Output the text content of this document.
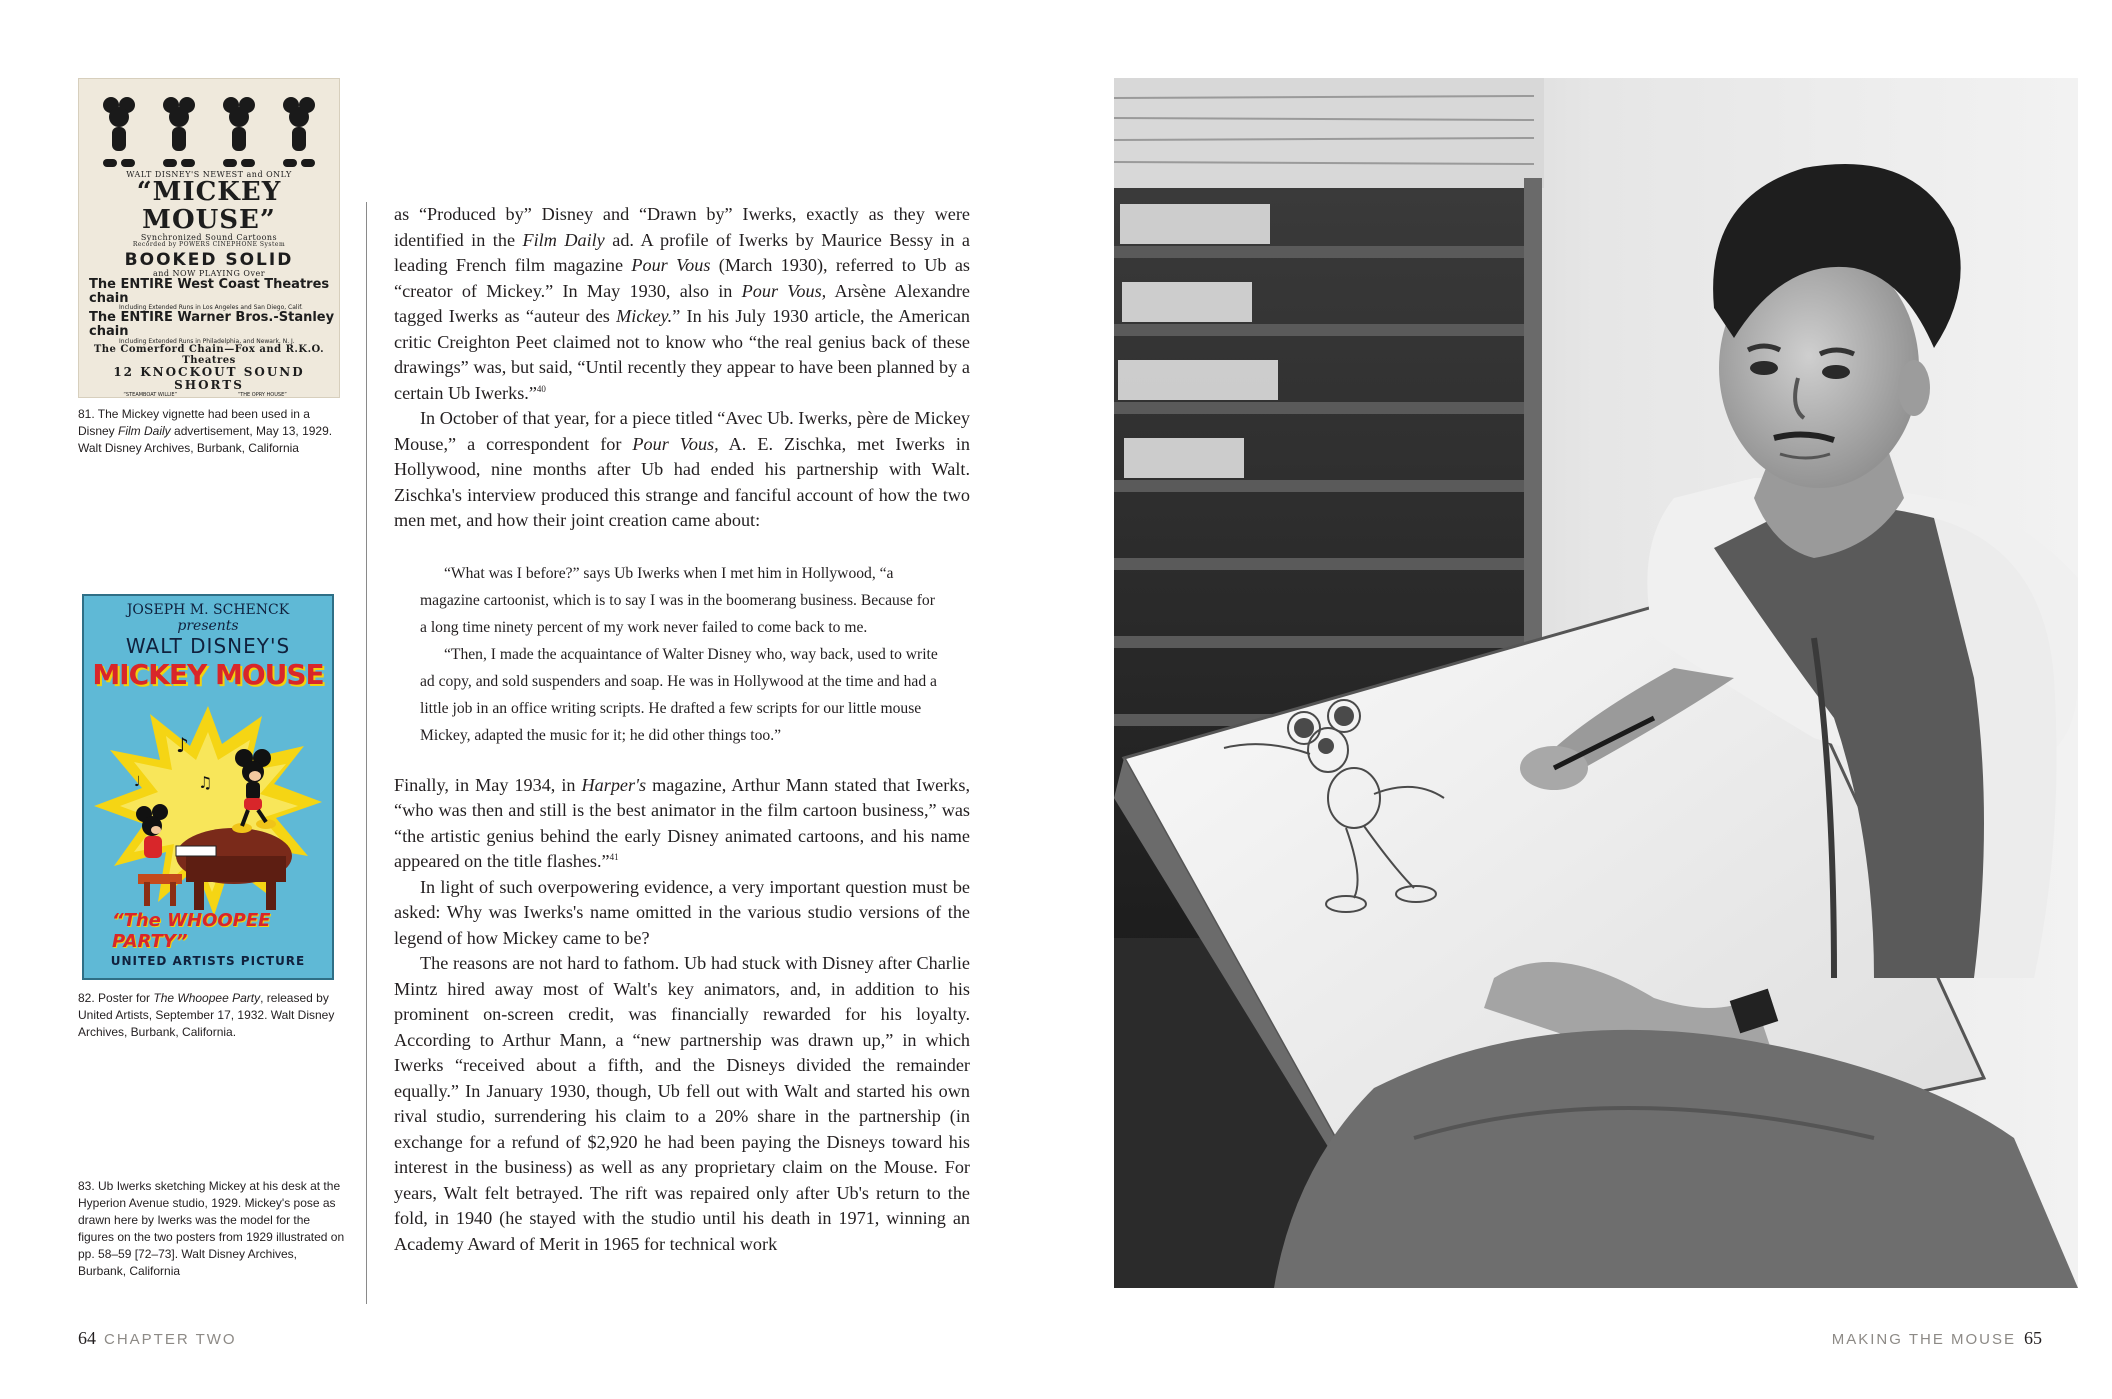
WALT DISNEY'S NEWEST and ONLY
“MICKEY MOUSE”
Synchronized Sound Cartoons
Recorded by POWERS CINEPHONE System
BOOKED SOLID
and NOW PLAYING Over
The ENTIRE West Coast Theatres chain
Including Extended Runs in Los Angeles and San Diego, Calif.
The ENTIRE Warner Bros.-Stanley chain
Including Extended Runs in Philadelphia, and Newark, N. J.
The Comerford Chain—Fox and R.K.O. Theatres
12 KNOCKOUT SOUND SHORTS
“STEAMBOAT WILLIE”	“THE OPRY HOUSE”
81. The Mickey vignette had been used in a Disney Film Daily advertisement, May 13, 1929. Walt Disney Archives, Burbank, California
JOSEPH M. SCHENCK
presents
WALT DISNEY'S
MICKEY MOUSE
♪
♫
♩
“The WHOOPEE PARTY”
UNITED ARTISTS PICTURE
82. Poster for The Whoopee Party, released by United Artists, September 17, 1932. Walt Disney Archives, Burbank, California.
83. Ub Iwerks sketching Mickey at his desk at the Hyperion Avenue studio, 1929. Mickey's pose as drawn here by Iwerks was the model for the figures on the two posters from 1929 illustrated on pp. 58–59 [72–73]. Walt Disney Archives, Burbank, California

as “Produced by” Disney and “Drawn by” Iwerks, exactly as they were identified in the Film Daily ad. A profile of Iwerks by Maurice Bessy in a leading French film magazine Pour Vous (March 1930), referred to Ub as “creator of Mickey.” In May 1930, also in Pour Vous, Arsène Alexandre tagged Iwerks as “auteur des Mickey.” In his July 1930 article, the American critic Creighton Peet claimed not to know who “the real genius back of these drawings” was, but said, “Until recently they appear to have been planned by a certain Ub Iwerks.”$^{40}$

In October of that year, for a piece titled “Avec Ub. Iwerks, père de Mickey Mouse,” a correspondent for Pour Vous, A. E. Zischka, met Iwerks in Hollywood, nine months after Ub had ended his partnership with Walt. Zischka's interview produced this strange and fanciful account of how the two men met, and how their joint creation came about:

“What was I before?” says Ub Iwerks when I met him in Hollywood, “a magazine cartoonist, which is to say I was in the boomerang business. Because for a long time ninety percent of my work never failed to come back to me.

“Then, I made the acquaintance of Walter Disney who, way back, used to write ad copy, and sold suspenders and soap. He was in Hollywood at the time and had a little job in an office writing scripts. He drafted a few scripts for our little mouse Mickey, adapted the music for it; he did other things too.”

Finally, in May 1934, in Harper's magazine, Arthur Mann stated that Iwerks, “who was then and still is the best animator in the film cartoon business,” was “the artistic genius behind the early Disney animated cartoons, and his name appeared on the title flashes.”$^{41}$

In light of such overpowering evidence, a very important question must be asked: Why was Iwerks's name omitted in the various studio versions of the legend of how Mickey came to be?

The reasons are not hard to fathom. Ub had stuck with Disney after Charlie Mintz hired away most of Walt's key animators, and, in addition to his prominent on-screen credit, was financially rewarded for his loyalty. According to Arthur Mann, a “new partnership was drawn up,” in which Iwerks “received about a fifth, and the Disneys divided the remainder equally.” In January 1930, though, Ub fell out with Walt and started his own rival studio, surrendering his claim to a 20% share in the partnership (in exchange for a refund of $2,920 he had been paying the Disneys toward his interest in the business) as well as any proprietary claim on the Mouse. For years, Walt felt betrayed. The rift was repaired only after Ub's return to the fold, in 1940 (he stayed with the studio until his death in 1971, winning an Academy Award of Merit in 1965 for technical work

64 CHAPTER TWO	MAKING THE MOUSE 65
